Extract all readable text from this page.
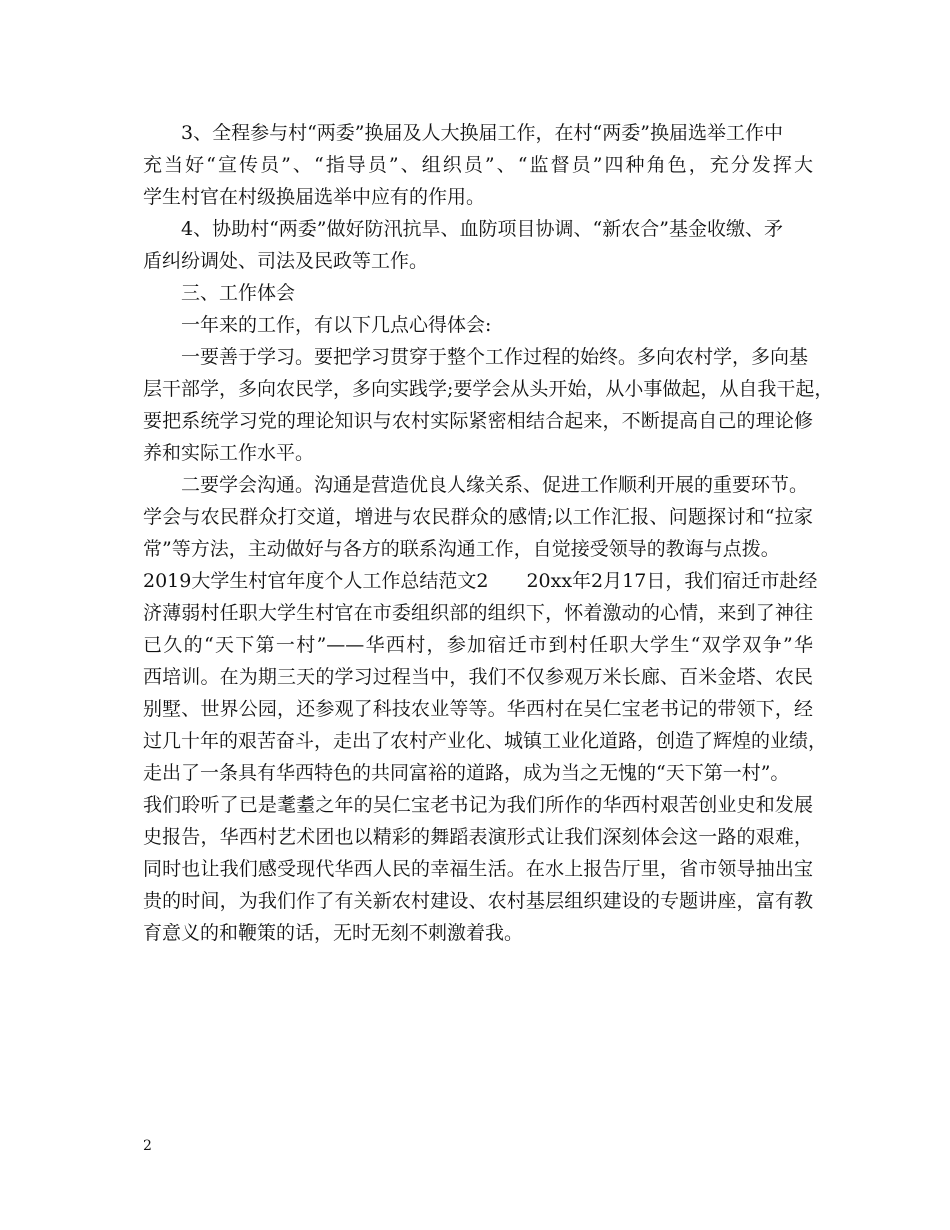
3、全程参与村“两委”换届及人大换届工作，在村“两委”换届选举工作中
充当好“宣传员”、“指导员”、组织员”、“监督员”四种角色，充分发挥大
学生村官在村级换届选举中应有的作用。
4、协助村“两委”做好防汛抗旱、血防项目协调、“新农合”基金收缴、矛
盾纠纷调处、司法及民政等工作。
三、工作体会
一年来的工作，有以下几点心得体会:
一要善于学习。要把学习贯穿于整个工作过程的始终。多向农村学，多向基
层干部学，多向农民学，多向实践学;要学会从头开始，从小事做起，从自我干起，
要把系统学习党的理论知识与农村实际紧密相结合起来，不断提高自己的理论修
养和实际工作水平。
二要学会沟通。沟通是营造优良人缘关系、促进工作顺利开展的重要环节。
学会与农民群众打交道，增进与农民群众的感情;以工作汇报、问题探讨和“拉家
常”等方法，主动做好与各方的联系沟通工作，自觉接受领导的教诲与点拨。
2019大学生村官年度个人工作总结范文2　　20xx年2月17日，我们宿迁市赴经
济薄弱村任职大学生村官在市委组织部的组织下，怀着激动的心情，来到了神往
已久的“天下第一村”——华西村，参加宿迁市到村任职大学生“双学双争”华
西培训。在为期三天的学习过程当中，我们不仅参观万米长廊、百米金塔、农民
别墅、世界公园，还参观了科技农业等等。华西村在吴仁宝老书记的带领下，经
过几十年的艰苦奋斗，走出了农村产业化、城镇工业化道路，创造了辉煌的业绩，
走出了一条具有华西特色的共同富裕的道路，成为当之无愧的“天下第一村”。
我们聆听了已是耄耋之年的吴仁宝老书记为我们所作的华西村艰苦创业史和发展
史报告，华西村艺术团也以精彩的舞蹈表演形式让我们深刻体会这一路的艰难，
同时也让我们感受现代华西人民的幸福生活。在水上报告厅里，省市领导抽出宝
贵的时间，为我们作了有关新农村建设、农村基层组织建设的专题讲座，富有教
育意义的和鞭策的话，无时无刻不刺激着我。
2
